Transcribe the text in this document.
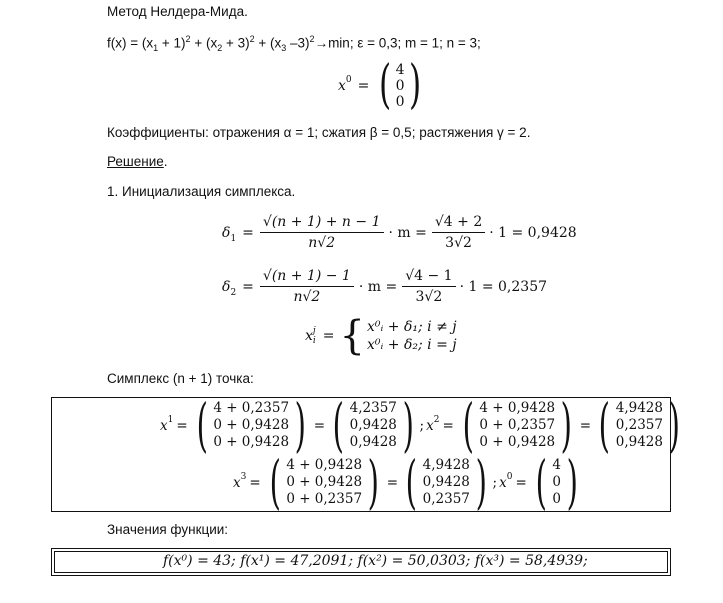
Метод Нелдера-Мида.
$f(x) = (x_1 + 1)^2 + (x_2 + 3)^2 + (x_3$ –3)$^2$→min; ε = 0,3; m = 1; n = 3;
$x^0$ = ( 4
0
0 )
Коэффициенты: отражения α = 1; сжатия β = 0,5; растяжения γ = 2.
Решение.
1. Инициализация симплекса.
$\delta_1 = \frac{√(n + 1) + n - 1}{n√2} \cdot m = \frac{√4 + 2}{3√2} \cdot 1 = 0,9428$
$\delta_2 = \frac{√(n + 1) - 1}{n√2} \cdot m = \frac{√4 - 1}{3√2} \cdot 1 = 0,2357$
x j
i = { x⁰ᵢ + δ₁; i ≠ j
x⁰ᵢ + δ₂; i = j
Симплекс (n + 1) точка:
$x^1$ = ( 4 + 0,2357
0 + 0,9428
0 + 0,9428 ) = ( 4,2357
0,9428
0,9428 ) ; $x^2$ = ( 4 + 0,9428
0 + 0,2357
0 + 0,9428 ) = ( 4,9428
0,2357
0,9428 )
$x^3$ = ( 4 + 0,9428
0 + 0,9428
0 + 0,2357 ) = ( 4,9428
0,9428
0,2357 ) ; $x^0$ = ( 4
0
0 )
Значения функции:
f(x⁰) = 43; f(x¹) = 47,2091; f(x²) = 50,0303; f(x³) = 58,4939;
